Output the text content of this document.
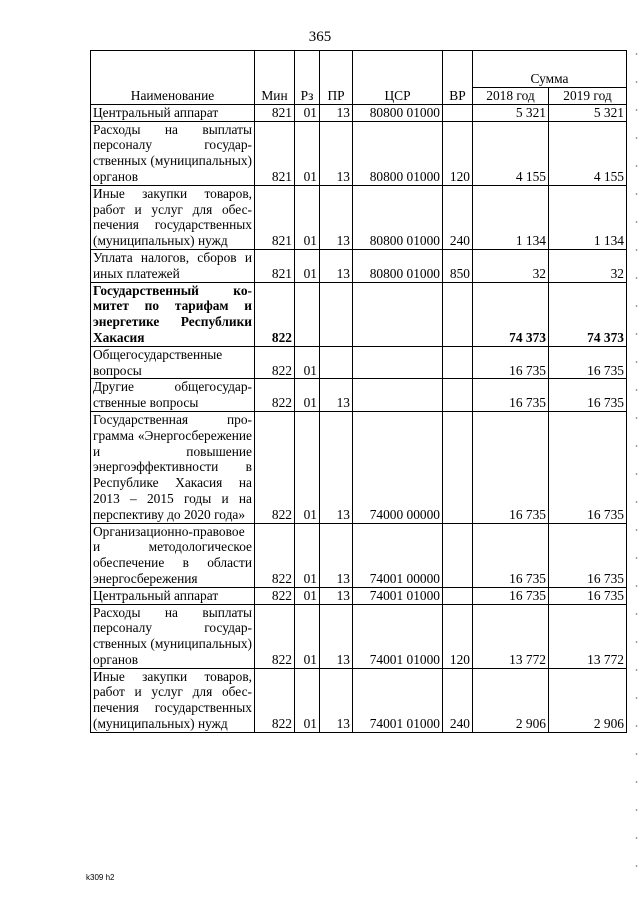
365
Наименование	Мин	Рз	ПР	ЦСР	ВР	Сумма	
						2018 год	2019 год
Центральный аппарат	821	01	13	80800 01000		5 321	5 321
Расходы на выплаты персоналу государственных (муниципальных) органов	821	01	13	80800 01000	120	4 155	4 155
Иные закупки товаров, работ и услуг для обеспечения государственных (муниципальных) нужд	821	01	13	80800 01000	240	1 134	1 134
Уплата налогов, сборов и иных платежей	821	01	13	80800 01000	850	32	32
Государственный комитет по тарифам и энергетике Республики Хакасия	822					74 373	74 373
Общегосударственные вопросы	822	01				16 735	16 735
Другие общегосударственные вопросы	822	01	13			16 735	16 735
Государственная программа «Энергосбережение и повышение энергоэффективности в Республике Хакасия на 2013 – 2015 годы и на перспективу до 2020 года»	822	01	13	74000 00000		16 735	16 735
Организационно-правовое и методологическое обеспечение в области энергосбережения	822	01	13	74001 00000		16 735	16 735
Центральный аппарат	822	01	13	74001 01000		16 735	16 735
Расходы на выплаты персоналу государственных (муниципальных) органов	822	01	13	74001 01000	120	13 772	13 772
Иные закупки товаров, работ и услуг для обеспечения государственных (муниципальных) нужд	822	01	13	74001 01000	240	2 906	2 906
k309 h2
